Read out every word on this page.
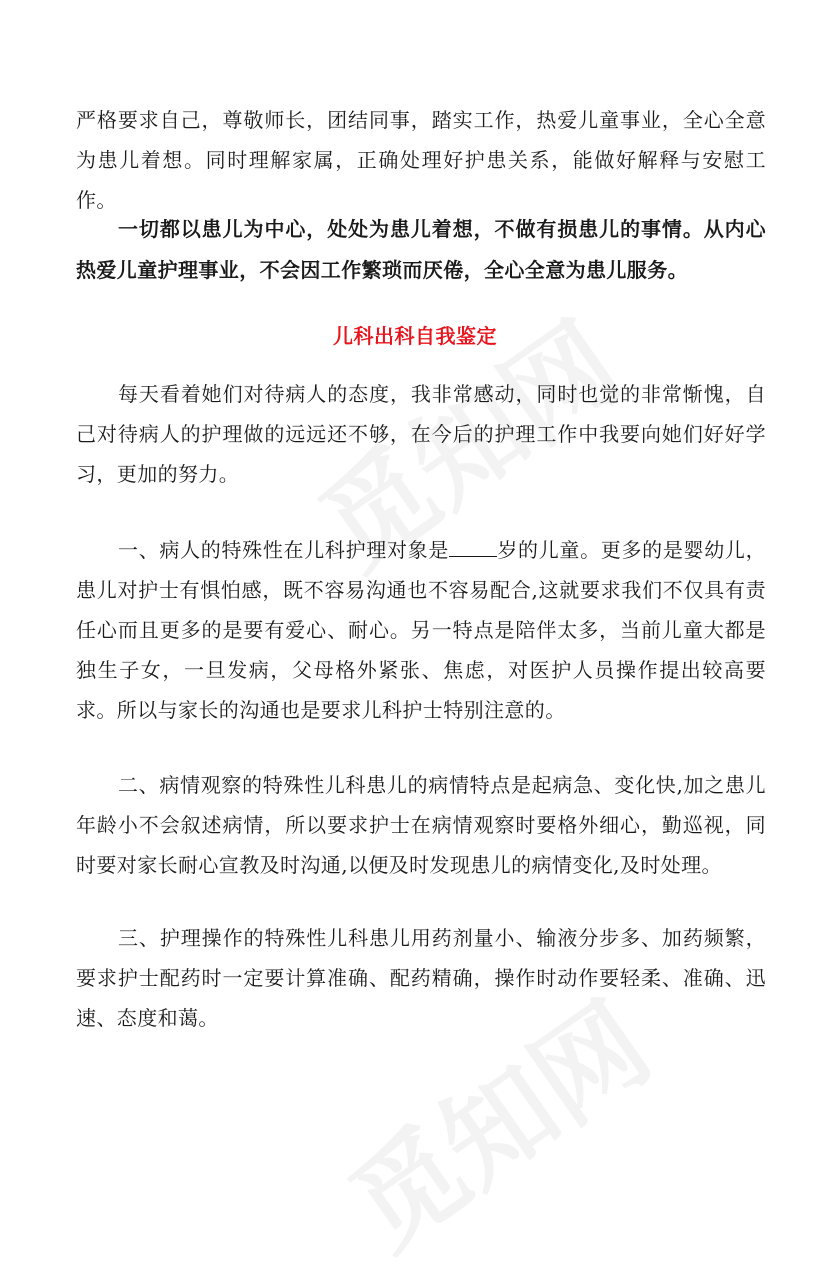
严格要求自己，尊敬师长，团结同事，踏实工作，热爱儿童事业，全心全意为患儿着想。同时理解家属，正确处理好护患关系，能做好解释与安慰工作。

一切都以患儿为中心，处处为患儿着想，不做有损患儿的事情。从内心热爱儿童护理事业，不会因工作繁琐而厌倦，全心全意为患儿服务。

儿科出科自我鉴定

每天看着她们对待病人的态度，我非常感动，同时也觉的非常惭愧，自己对待病人的护理做的远远还不够，在今后的护理工作中我要向她们好好学习，更加的努力。

一、病人的特殊性在儿科护理对象是 岁的儿童。更多的是婴幼儿，患儿对护士有惧怕感，既不容易沟通也不容易配合,这就要求我们不仅具有责任心而且更多的是要有爱心、耐心。另一特点是陪伴太多，当前儿童大都是独生子女，一旦发病，父母格外紧张、焦虑，对医护人员操作提出较高要求。所以与家长的沟通也是要求儿科护士特别注意的。

二、病情观察的特殊性儿科患儿的病情特点是起病急、变化快,加之患儿年龄小不会叙述病情，所以要求护士在病情观察时要格外细心，勤巡视，同时要对家长耐心宣教及时沟通,以便及时发现患儿的病情变化,及时处理。

三、护理操作的特殊性儿科患儿用药剂量小、输液分步多、加药频繁，要求护士配药时一定要计算准确、配药精确，操作时动作要轻柔、准确、迅速、态度和蔼。
